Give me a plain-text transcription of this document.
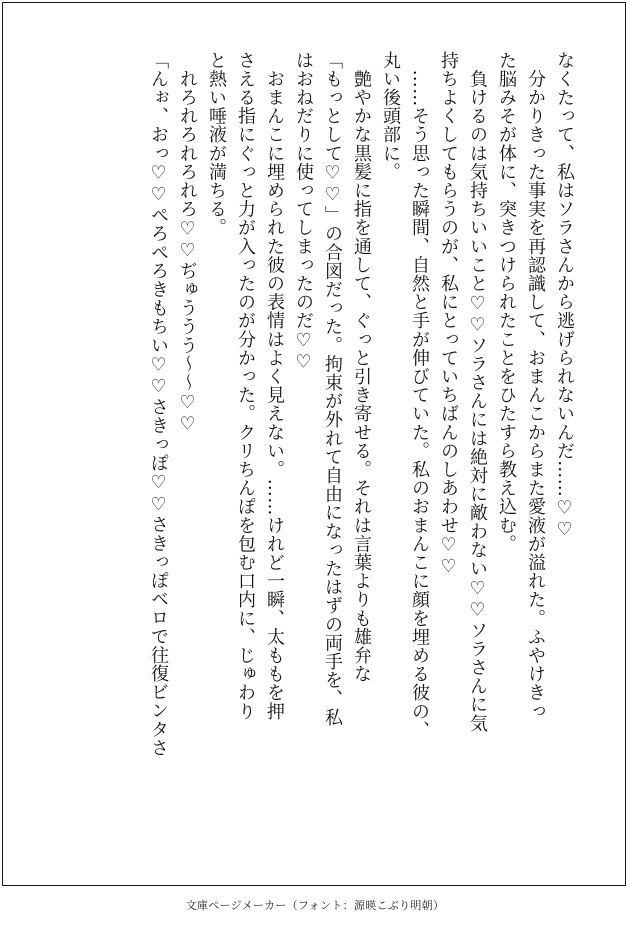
なくたって、私はソラさんから逃げられないんだ……♡♡

　分かりきった事実を再認識して、おまんこからまた愛液が溢れた。ふやけきっ

た脳みそが体に、突きつけられたことをひたすら教え込む。

　負けるのは気持ちいいこと♡♡ソラさんには絶対に敵わない♡♡ソラさんに気

持ちよくしてもらうのが、私にとっていちばんのしあわせ♡♡

　……そう思った瞬間、自然と手が伸びていた。私のおまんこに顔を埋める彼の、

丸い後頭部に。

　艶やかな黒髪に指を通して、ぐっと引き寄せる。それは言葉よりも雄弁な

「もっとして♡♡」の合図だった。拘束が外れて自由になったはずの両手を、私

はおねだりに使ってしまったのだ♡♡

　おまんこに埋められた彼の表情はよく見えない。……けれど一瞬、太ももを押

さえる指にぐっと力が入ったのが分かった。クリちんぽを包む口内に、じゅわり

と熱い唾液が満ちる。

　れろれろれろれろ♡♡ぢゅううう〜〜♡♡

「んぉ、おっ♡♡ぺろぺろきもちい♡♡さきっぽ♡♡さきっぽベロで往復ビンタさ

文庫ページメーカー（フォント：源暎こぶり明朝）
